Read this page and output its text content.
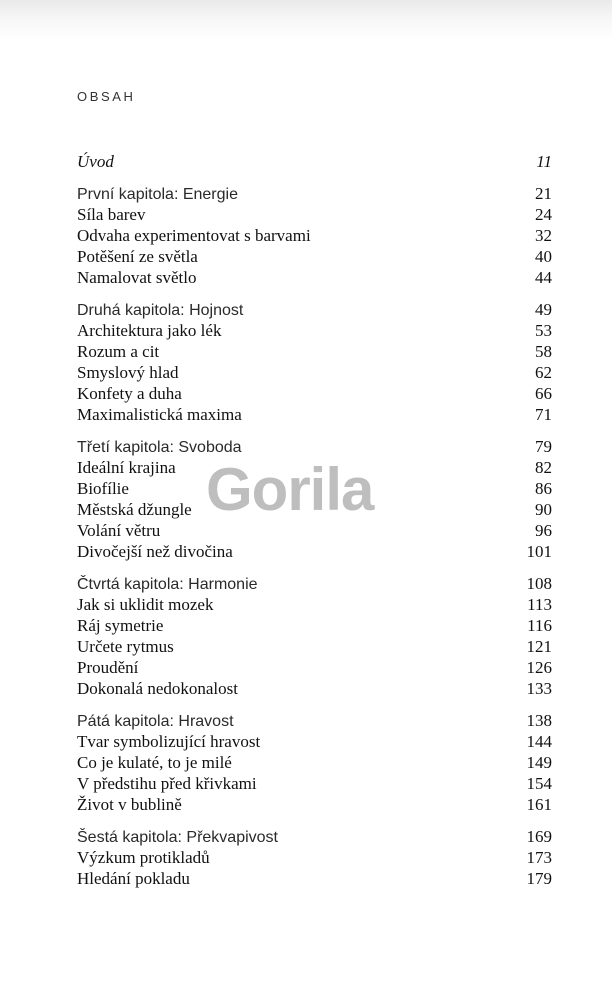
OBSAH
Úvod	11
První kapitola: Energie	21
Síla barev	24
Odvaha experimentovat s barvami	32
Potěšení ze světla	40
Namalovat světlo	44
Druhá kapitola: Hojnost	49
Architektura jako lék	53
Rozum a cit	58
Smyslový hlad	62
Konfety a duha	66
Maximalistická maxima	71
Třetí kapitola: Svoboda	79
Ideální krajina	82
Biofílie	86
Městská džungle	90
Volání větru	96
Divočejší než divočina	101
Čtvrtá kapitola: Harmonie	108
Jak si uklidit mozek	113
Ráj symetrie	116
Určete rytmus	121
Proudění	126
Dokonalá nedokonalost	133
Pátá kapitola: Hravost	138
Tvar symbolizující hravost	144
Co je kulaté, to je milé	149
V předstihu před křivkami	154
Život v bublině	161
Šestá kapitola: Překvapivost	169
Výzkum protikladů	173
Hledání pokladu	179
Gorila
